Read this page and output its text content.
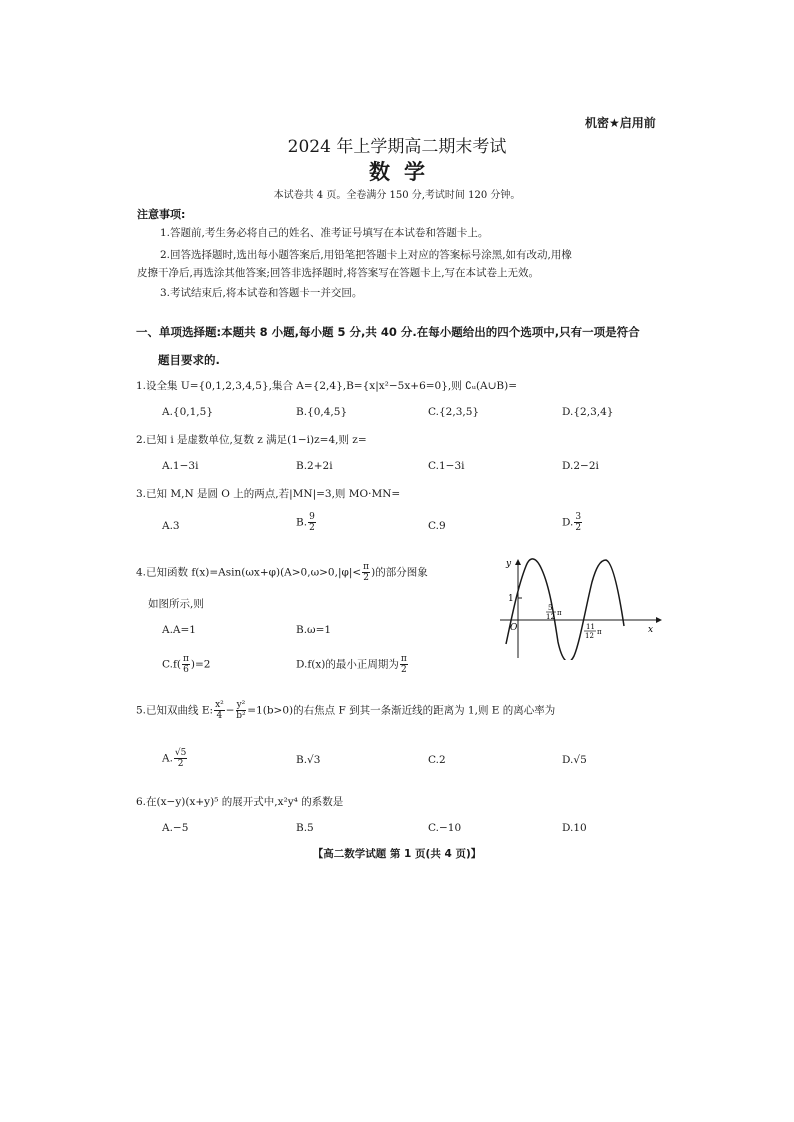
机密★启用前
2024 年上学期高二期末考试
数学
本试卷共 4 页。全卷满分 150 分,考试时间 120 分钟。
注意事项:
1.答题前,考生务必将自己的姓名、准考证号填写在本试卷和答题卡上。
2.回答选择题时,选出每小题答案后,用铅笔把答题卡上对应的答案标号涂黑,如有改动,用橡
皮擦干净后,再选涂其他答案;回答非选择题时,将答案写在答题卡上,写在本试卷上无效。
3.考试结束后,将本试卷和答题卡一并交回。
一、单项选择题:本题共 8 小题,每小题 5 分,共 40 分.在每小题给出的四个选项中,只有一项是符合
题目要求的.
1.设全集 U={0,1,2,3,4,5},集合 A={2,4},B={x|x²−5x+6=0},则 ∁ᵤ(A∪B)=
A.{0,1,5}	B.{0,4,5}	C.{2,3,5}	D.{2,3,4}
2.已知 i 是虚数单位,复数 z 满足(1−i)z=4,则 z=
A.1−3i	B.2+2i	C.1−3i	D.2−2i
3.已知 M,N 是圆 O 上的两点,若|MN|=3,则 MO·MN=
A.3	B. $\frac{9}{2}$	C.9	D. $\frac{3}{2}$
4.已知函数 $f(x)=Asin(\omega x+\varphi)(A>0,\omega>0,|\varphi|< \frac{\pi}{2}$ )的部分图象
如图所示,则
A.A=1	B.ω=1
$C.f( \frac{\pi}{6} )=2$	D.f(x)的最小正周期为 $\frac{\pi}{2}$
1
y
x
O
5
12 π
11
12 π
5.已知双曲线 E: $\frac{\text{x²}}{4} - \frac{\text{y²}}{\text{b²}} =1(b>0)$的右焦点 F 到其一条渐近线的距离为 1,则 E 的离心率为
A. $\frac{√5}{2}$	B.√3	C.2	D.√5
6.在(x−y)(x+y)⁵ 的展开式中,x²y⁴ 的系数是
A.−5	B.5	C.−10	D.10
【高二数学试题 第 1 页(共 4 页)】
